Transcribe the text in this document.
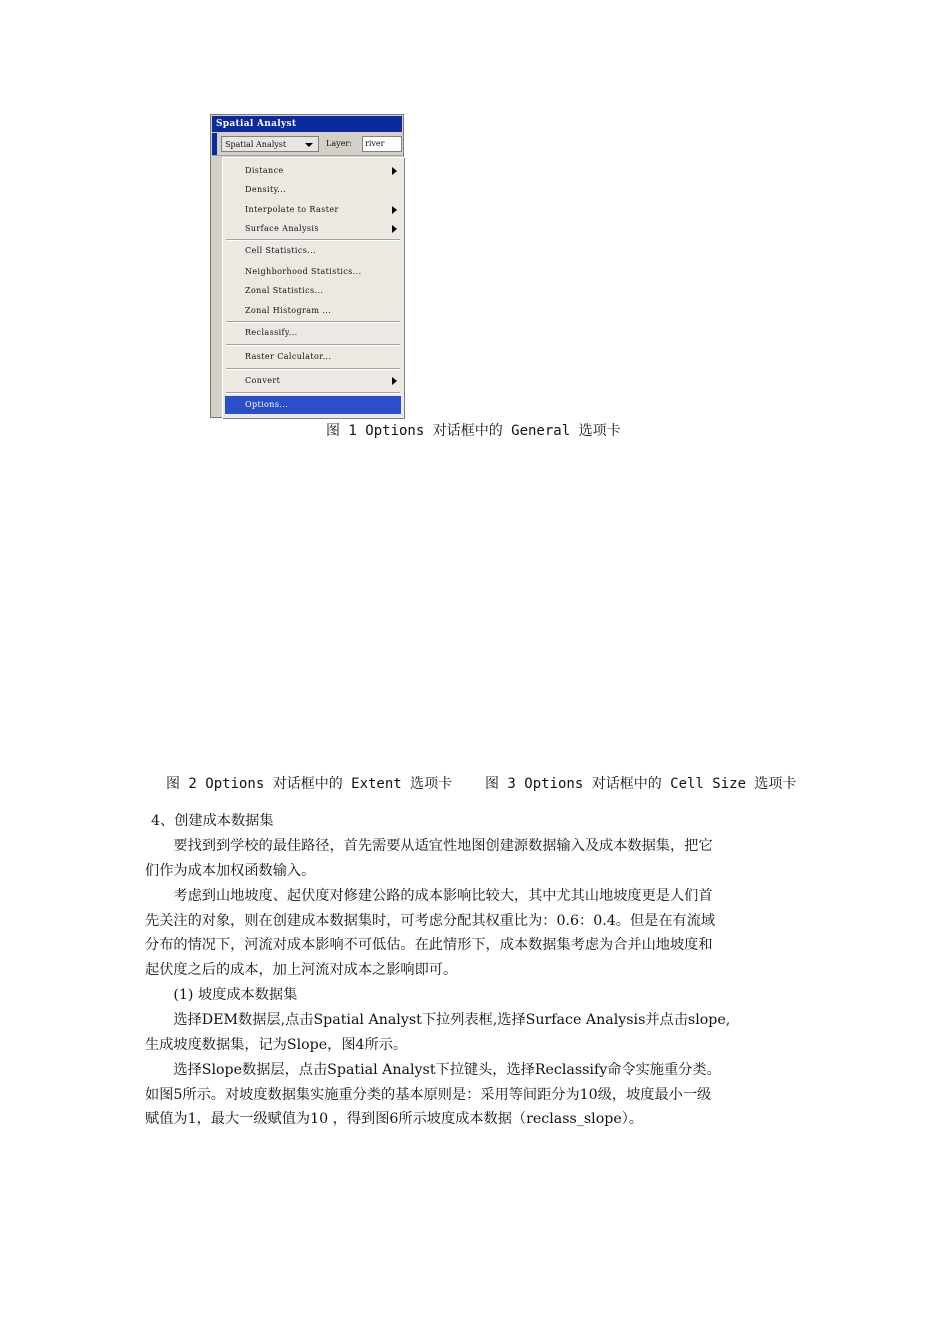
Spatial Analyst
Spatial Analyst	Layer:	river
Distance
Density...
Interpolate to Raster
Surface Analysis
Cell Statistics...
Neighborhood Statistics...
Zonal Statistics...
Zonal Histogram ...
Reclassify...
Raster Calculator...
Convert
Options...
图 1 Options 对话框中的 General 选项卡
图 2 Options 对话框中的 Extent 选项卡 图 3 Options 对话框中的 Cell Size 选项卡
4、创建成本数据集
　　要找到到学校的最佳路径，首先需要从适宜性地图创建源数据输入及成本数据集，把它
们作为成本加权函数输入。
　　考虑到山地坡度、起伏度对修建公路的成本影响比较大，其中尤其山地坡度更是人们首
先关注的对象，则在创建成本数据集时，可考虑分配其权重比为：0.6：0.4。但是在有流域
分布的情况下，河流对成本影响不可低估。在此情形下，成本数据集考虑为合并山地坡度和
起伏度之后的成本，加上河流对成本之影响即可。
　　(1) 坡度成本数据集
　　选择DEM数据层,点击Spatial Analyst下拉列表框,选择Surface Analysis并点击slope,
生成坡度数据集，记为Slope，图4所示。
　　选择Slope数据层，点击Spatial Analyst下拉键头，选择Reclassify命令实施重分类。
如图5所示。对坡度数据集实施重分类的基本原则是：采用等间距分为10级，坡度最小一级
赋值为1，最大一级赋值为10 ，得到图6所示坡度成本数据（reclass_slope）。
